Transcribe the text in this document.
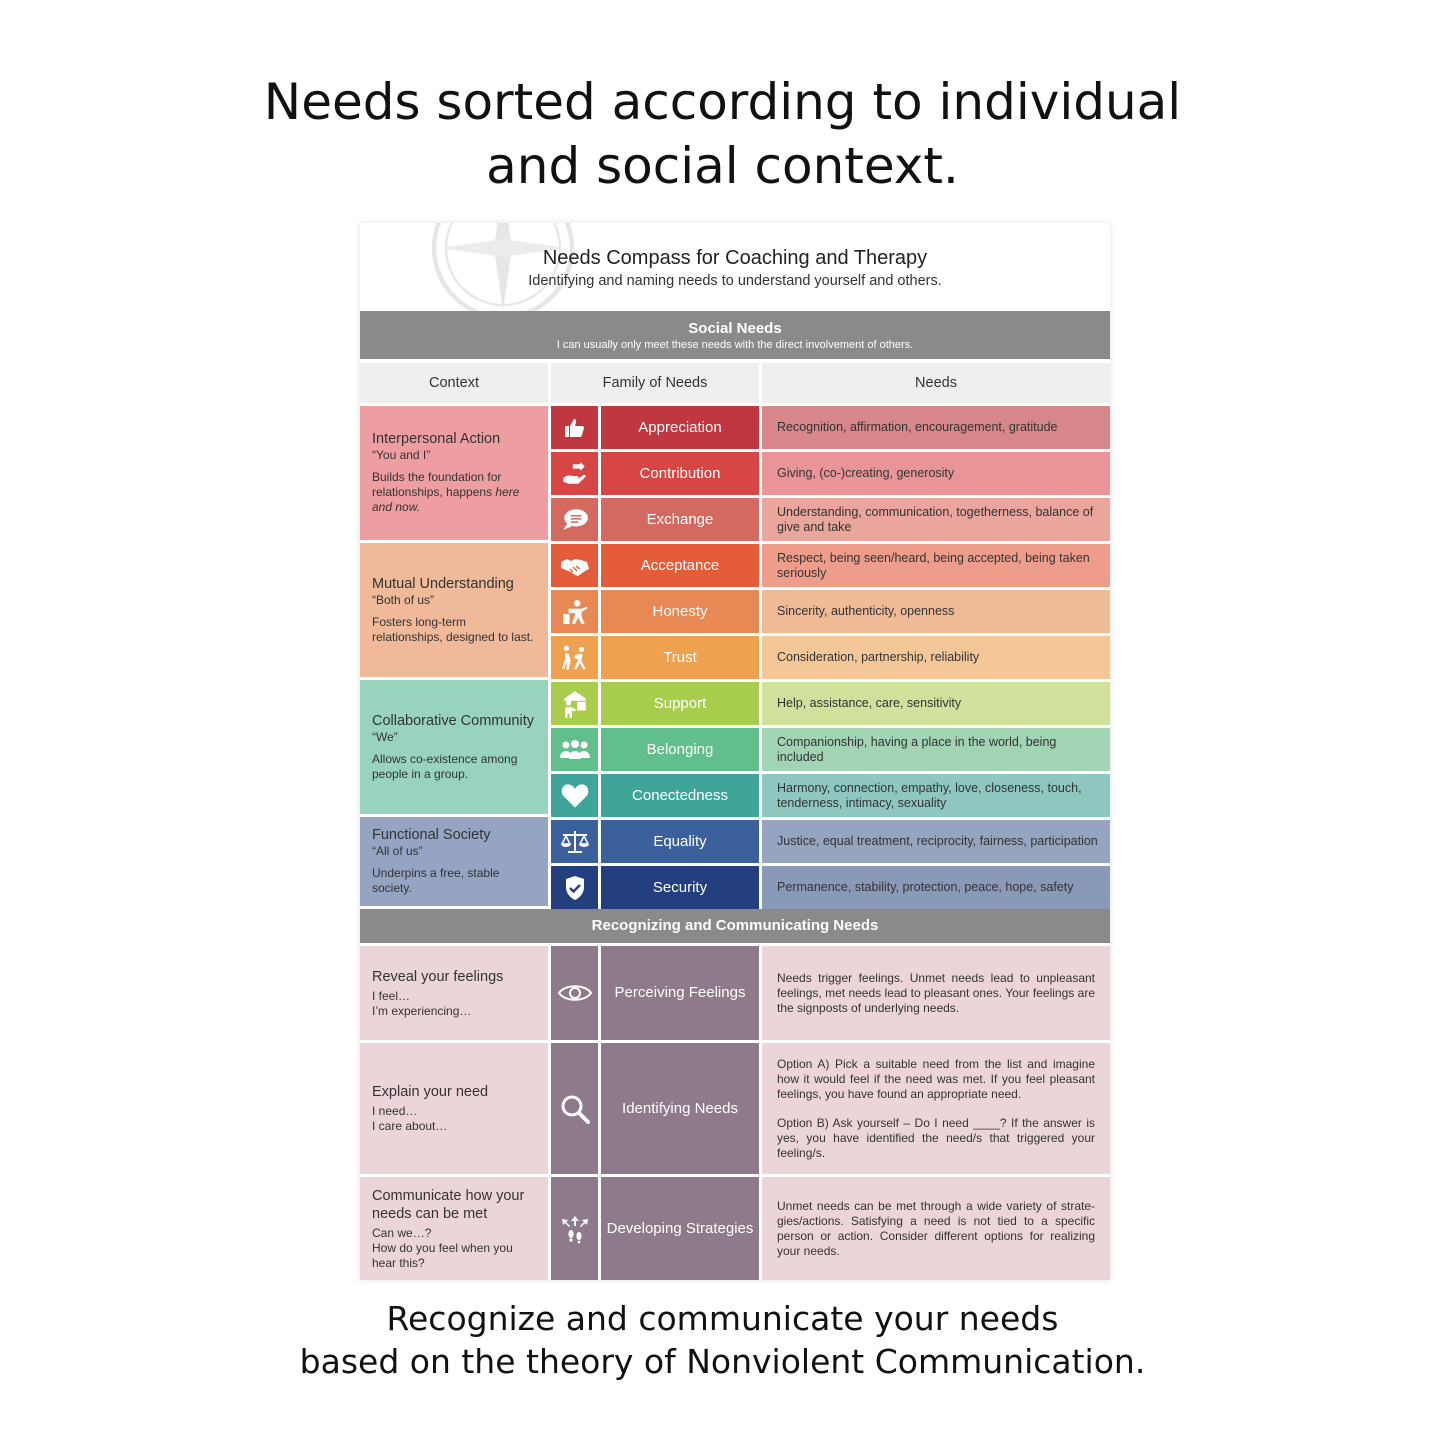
Needs sorted according to individual
and social context.
Needs Compass for Coaching and Therapy
Identifying and naming needs to understand yourself and others.
Social Needs
I can usually only meet these needs with the direct involvement of others.
Context	Family of Needs	Needs
Interpersonal Action
“You and I”
Builds the foundation for relationships, happens here and now.
Mutual Understanding
“Both of us”
Fosters long-term relationships, designed to last.
Collaborative Community
“We”
Allows co-existence among people in a group.
Functional Society
“All of us”
Underpins a free, stable society.
Appreciation
Contribution
Exchange
Acceptance
Honesty
Trust
Support
Belonging
Conectedness
Equality
Security
Recognition, affirmation, encouragement, gratitude
Giving, (co-)creating, generosity
Understanding, communication, togetherness, balance of give and take
Respect, being seen/heard, being accepted, being taken seriously
Sincerity, authenticity, openness
Consideration, partnership, reliability
Help, assistance, care, sensitivity
Companionship, having a place in the world, being included
Harmony, connection, empathy, love, closeness, touch, tenderness, intimacy, sexuality
Justice, equal treatment, reciprocity, fairness, participation
Permanence, stability, protection, peace, hope, safety
Recognizing and Communicating Needs
Reveal your feelings
I feel…
I’m experiencing…
Perceiving Feelings

Needs trigger feelings. Unmet needs lead to unpleasant feelings, met needs lead to pleasant ones. Your feelings are the signposts of underlying needs.

Explain your need
I need…
I care about…
Identifying Needs

Option A) Pick a suitable need from the list and imagine how it would feel if the need was met. If you feel pleasant feelings, you have found an appropriate need.

Option B) Ask yourself – Do I need ____? If the answer is yes, you have identified the need/s that triggered your feeling/s.

Communicate how your needs can be met
Can we…?
How do you feel when you hear this?
Developing Strategies

Unmet needs can be met through a wide variety of strate-gies/actions. Satisfying a need is not tied to a specific person or action. Consider different options for realizing your needs.

Recognize and communicate your needs
based on the theory of Nonviolent Communication.
